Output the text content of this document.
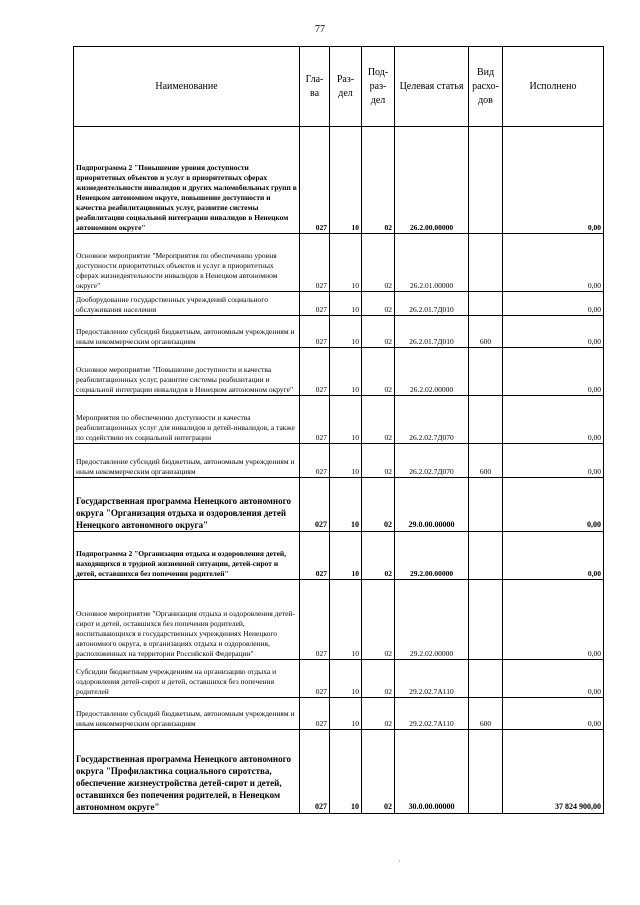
77
Наименование	Гла-ва	Раз-дел	Под-раз-дел	Целевая статья	Вид расхо-дов	Исполнено
Подпрограмма 2 "Повышение уровня доступности приоритетных объектов и услуг в приоритетных сферах жизнедеятельности инвалидов и других маломобильных групп в Ненецком автономном округе, повышение доступности и качества реабилитационных услуг, развитие системы реабилитации социальной интеграции инвалидов в Ненецком автономном округе"	027	10	02	26.2.00.00000		0,00
Основное мероприятие "Мероприятия по обеспечению уровня доступности приоритетных объектов и услуг в приоритетных сферах жизнедеятельности инвалидов в Ненецком автономном округе"	027	10	02	26.2.01.00000		0,00
Дооборудование государственных учреждений социального обслуживания населения	027	10	02	26.2.01.7Д010		0,00
Предоставление субсидий бюджетным, автономным учреждениям и иным некоммерческим организациям	027	10	02	26.2.01.7Д010	600	0,00
Основное мероприятие "Повышение доступности и качества реабилитационных услуг, развитие системы реабилитации и социальной интеграции инвалидов в Ненецком автономном округе"	027	10	02	26.2.02.00000		0,00
Мероприятия по обеспечению доступности и качества реабилитационных услуг для инвалидов и детей-инвалидов, а также по содействию их социальной интеграции	027	10	02	26.2.02.7Д070		0,00
Предоставление субсидий бюджетным, автономным учреждениям и иным некоммерческим организациям	027	10	02	26.2.02.7Д070	600	0,00
Государственная программа Ненецкого автономного округа "Организация отдыха и оздоровления детей Ненецкого автономного округа"	027	10	02	29.0.00.00000		0,00
Подпрограмма 2 "Организация отдыха и оздоровления детей, находящихся в трудной жизненной ситуации, детей-сирот и детей, оставшихся без попечения родителей"	027	10	02	29.2.00.00000		0,00
Основное мероприятие "Организация отдыха и оздоровления детей-сирот и детей, оставшихся без попечения родителей, воспитывающихся в государственных учреждениях Ненецкого автономного округа, в организациях отдыха и оздоровления, расположенных на территории Российской Федерации"	027	10	02	29.2.02.00000		0,00
Субсидии бюджетным учреждениям на организацию отдыха и оздоровления детей-сирот и детей, оставшихся без попечения родителей	027	10	02	29.2.02.7А110		0,00
Предоставление субсидий бюджетным, автономным учреждениям и иным некоммерческим организациям	027	10	02	29.2.02.7А110	600	0,00
Государственная программа Ненецкого автономного округа "Профилактика социального сиротства, обеспечение жизнеустройства детей-сирот и детей, оставшихся без попечения родителей, в Ненецком автономном округе"	027	10	02	30.0.00.00000		37 824 900,00
·
